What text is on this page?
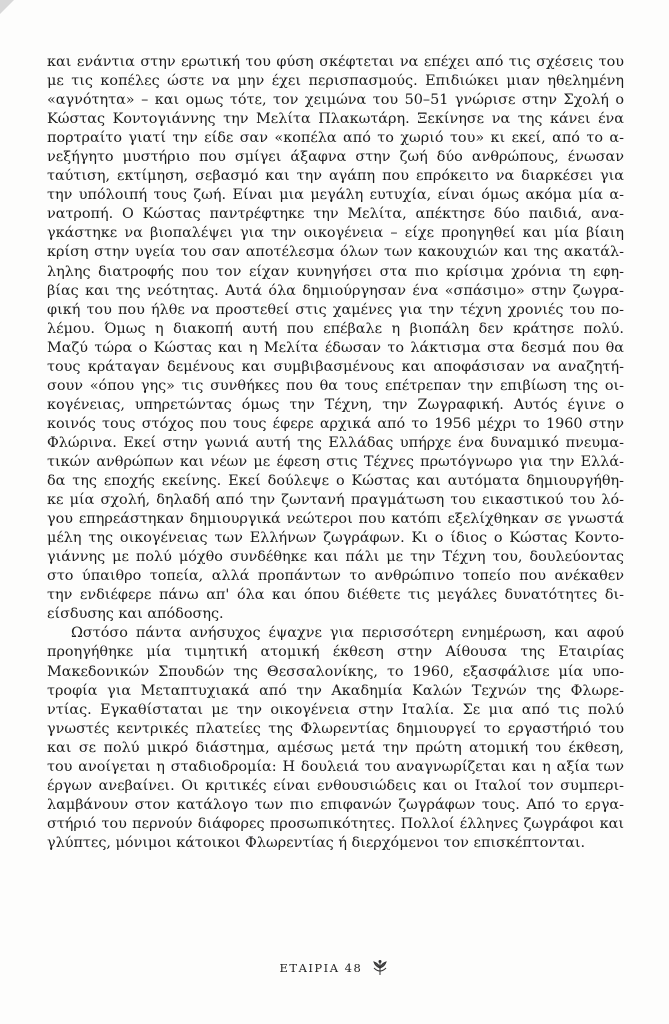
και ενάντια στην ερωτική του φύση σκέφτεται να επέχει από τις σχέσεις του
με τις κοπέλες ώστε να μην έχει περισπασμούς. Επιδιώκει μιαν ηθελημένη
«αγνότητα» – και ομως τότε, τον χειμώνα του 50–51 γνώρισε στην Σχολή ο
Κώστας Κοντογιάννης την Μελίτα Πλακωτάρη. Ξεκίνησε να της κάνει ένα
πορτραίτο γιατί την είδε σαν «κοπέλα από το χωριό του» κι εκεί, από το α-
νεξήγητο μυστήριο που σμίγει άξαφνα στην ζωή δύο ανθρώπους, ένωσαν
ταύτιση, εκτίμηση, σεβασμό και την αγάπη που επρόκειτο να διαρκέσει για
την υπόλοιπή τους ζωή. Είναι μια μεγάλη ευτυχία, είναι όμως ακόμα μία α-
νατροπή. Ο Κώστας παντρέφτηκε την Μελίτα, απέκτησε δύο παιδιά, ανα-
γκάστηκε να βιοπαλέψει για την οικογένεια – είχε προηγηθεί και μία βίαιη
κρίση στην υγεία του σαν αποτέλεσμα όλων των κακουχιών και της ακατάλ-
ληλης διατροφής που τον είχαν κυνηγήσει στα πιο κρίσιμα χρόνια τη εφη-
βίας και της νεότητας. Αυτά όλα δημιούργησαν ένα «σπάσιμο» στην ζωγρα-
φική του που ήλθε να προστεθεί στις χαμένες για την τέχνη χρονιές του πο-
λέμου. Όμως η διακοπή αυτή που επέβαλε η βιοπάλη δεν κράτησε πολύ.
Μαζύ τώρα ο Κώστας και η Μελίτα έδωσαν το λάκτισμα στα δεσμά που θα
τους κράταγαν δεμένους και συμβιβασμένους και αποφάσισαν να αναζητή-
σουν «όπου γης» τις συνθήκες που θα τους επέτρεπαν την επιβίωση της οι-
κογένειας, υπηρετώντας όμως την Τέχνη, την Ζωγραφική. Αυτός έγινε ο
κοινός τους στόχος που τους έφερε αρχικά από το 1956 μέχρι το 1960 στην
Φλώρινα. Εκεί στην γωνιά αυτή της Ελλάδας υπήρχε ένα δυναμικό πνευμα-
τικών ανθρώπων και νέων με έφεση στις Τέχνες πρωτόγνωρο για την Ελλά-
δα της εποχής εκείνης. Εκεί δούλεψε ο Κώστας και αυτόματα δημιουργήθη-
κε μία σχολή, δηλαδή από την ζωντανή πραγμάτωση του εικαστικού του λό-
γου επηρεάστηκαν δημιουργικά νεώτεροι που κατόπι εξελίχθηκαν σε γνωστά
μέλη της οικογένειας των Ελλήνων ζωγράφων. Κι ο ίδιος ο Κώστας Κοντο-
γιάννης με πολύ μόχθο συνδέθηκε και πάλι με την Τέχνη του, δουλεύοντας
στο ύπαιθρο τοπεία, αλλά προπάντων το ανθρώπινο τοπείο που ανέκαθεν
την ενδιέφερε πάνω απ' όλα και όπου διέθετε τις μεγάλες δυνατότητες δι-
είσδυσης και απόδοσης.
Ωστόσο πάντα ανήσυχος έψαχνε για περισσότερη ενημέρωση, και αφού
προηγήθηκε μία τιμητική ατομική έκθεση στην Αίθουσα της Εταιρίας
Μακεδονικών Σπουδών της Θεσσαλονίκης, το 1960, εξασφάλισε μία υπο-
τροφία για Μεταπτυχιακά από την Ακαδημία Καλών Τεχνών της Φλωρε-
ντίας. Εγκαθίσταται με την οικογένεια στην Ιταλία. Σε μια από τις πολύ
γνωστές κεντρικές πλατείες της Φλωρεντίας δημιουργεί το εργαστήριό του
και σε πολύ μικρό διάστημα, αμέσως μετά την πρώτη ατομική του έκθεση,
του ανοίγεται η σταδιοδρομία: Η δουλειά του αναγνωρίζεται και η αξία των
έργων ανεβαίνει. Οι κριτικές είναι ενθουσιώδεις και οι Ιταλοί τον συμπερι-
λαμβάνουν στον κατάλογο των πιο επιφανών ζωγράφων τους. Από το εργα-
στήριό του περνούν διάφορες προσωπικότητες. Πολλοί έλληνες ζωγράφοι και
γλύπτες, μόνιμοι κάτοικοι Φλωρεντίας ή διερχόμενοι τον επισκέπτονται.
ΕΤΑΙΡΙΑ 48
